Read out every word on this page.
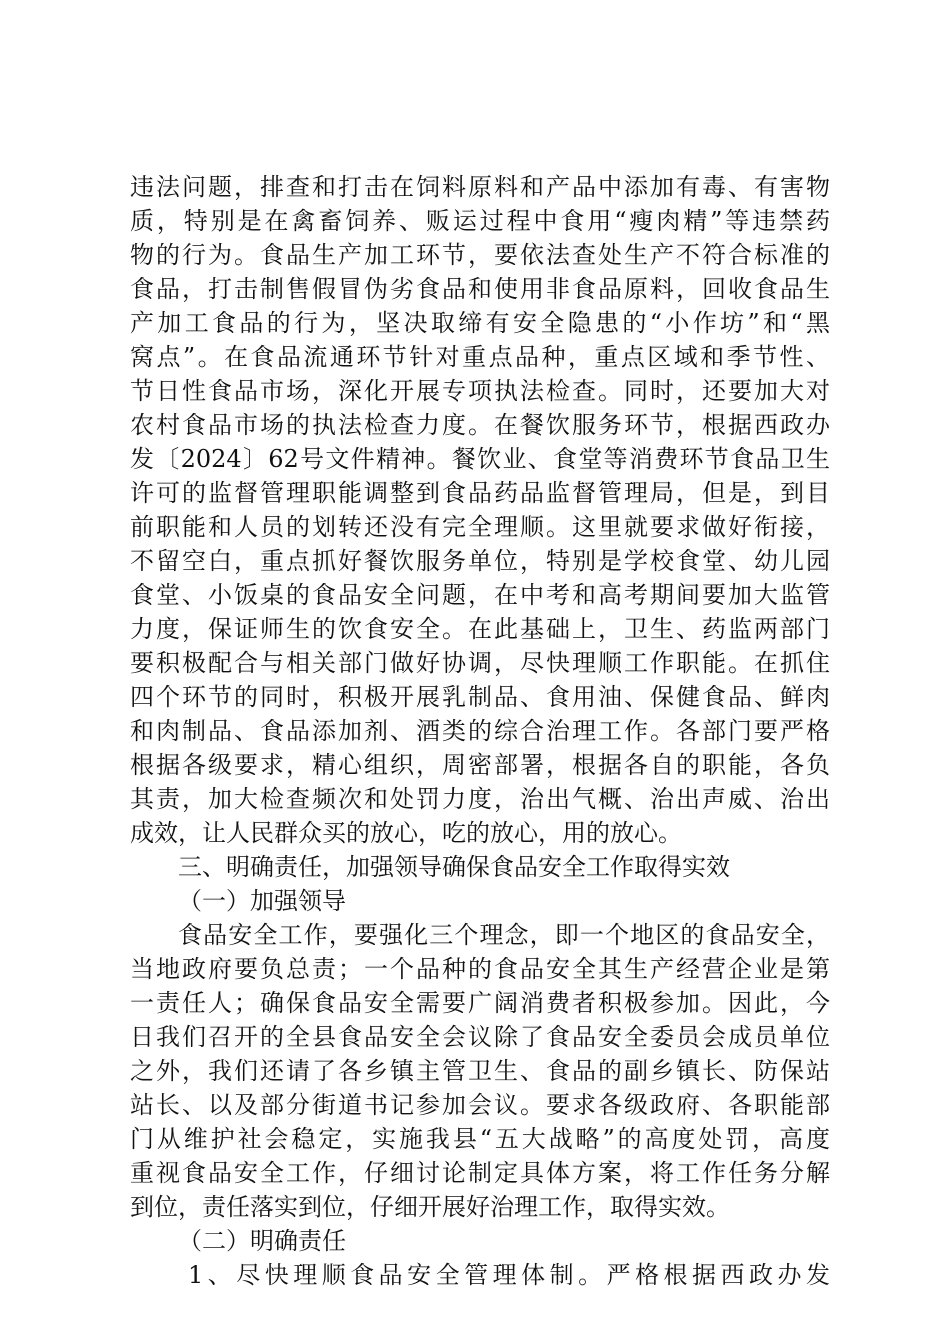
违法问题，排查和打击在饲料原料和产品中添加有毒、有害物
质，特别是在禽畜饲养、贩运过程中食用“瘦肉精”等违禁药
物的行为。食品生产加工环节，要依法查处生产不符合标准的
食品，打击制售假冒伪劣食品和使用非食品原料，回收食品生
产加工食品的行为，坚决取缔有安全隐患的“小作坊”和“黑
窝点”。在食品流通环节针对重点品种，重点区域和季节性、
节日性食品市场，深化开展专项执法检查。同时，还要加大对
农村食品市场的执法检查力度。在餐饮服务环节，根据西政办
发〔2024〕62号文件精神。餐饮业、食堂等消费环节食品卫生
许可的监督管理职能调整到食品药品监督管理局，但是，到目
前职能和人员的划转还没有完全理顺。这里就要求做好衔接，
不留空白，重点抓好餐饮服务单位，特别是学校食堂、幼儿园
食堂、小饭桌的食品安全问题，在中考和高考期间要加大监管
力度，保证师生的饮食安全。在此基础上，卫生、药监两部门
要积极配合与相关部门做好协调，尽快理顺工作职能。在抓住
四个环节的同时，积极开展乳制品、食用油、保健食品、鲜肉
和肉制品、食品添加剂、酒类的综合治理工作。各部门要严格
根据各级要求，精心组织，周密部署，根据各自的职能，各负
其责，加大检查频次和处罚力度，治出气概、治出声威、治出
成效，让人民群众买的放心，吃的放心，用的放心。
三、明确责任，加强领导确保食品安全工作取得实效
（一）加强领导
食品安全工作，要强化三个理念，即一个地区的食品安全，
当地政府要负总责；一个品种的食品安全其生产经营企业是第
一责任人；确保食品安全需要广阔消费者积极参加。因此，今
日我们召开的全县食品安全会议除了食品安全委员会成员单位
之外，我们还请了各乡镇主管卫生、食品的副乡镇长、防保站
站长、以及部分街道书记参加会议。要求各级政府、各职能部
门从维护社会稳定，实施我县“五大战略”的高度处罚，高度
重视食品安全工作，仔细讨论制定具体方案，将工作任务分解
到位，责任落实到位，仔细开展好治理工作，取得实效。
（二）明确责任
1、尽快理顺食品安全管理体制。严格根据西政办发
